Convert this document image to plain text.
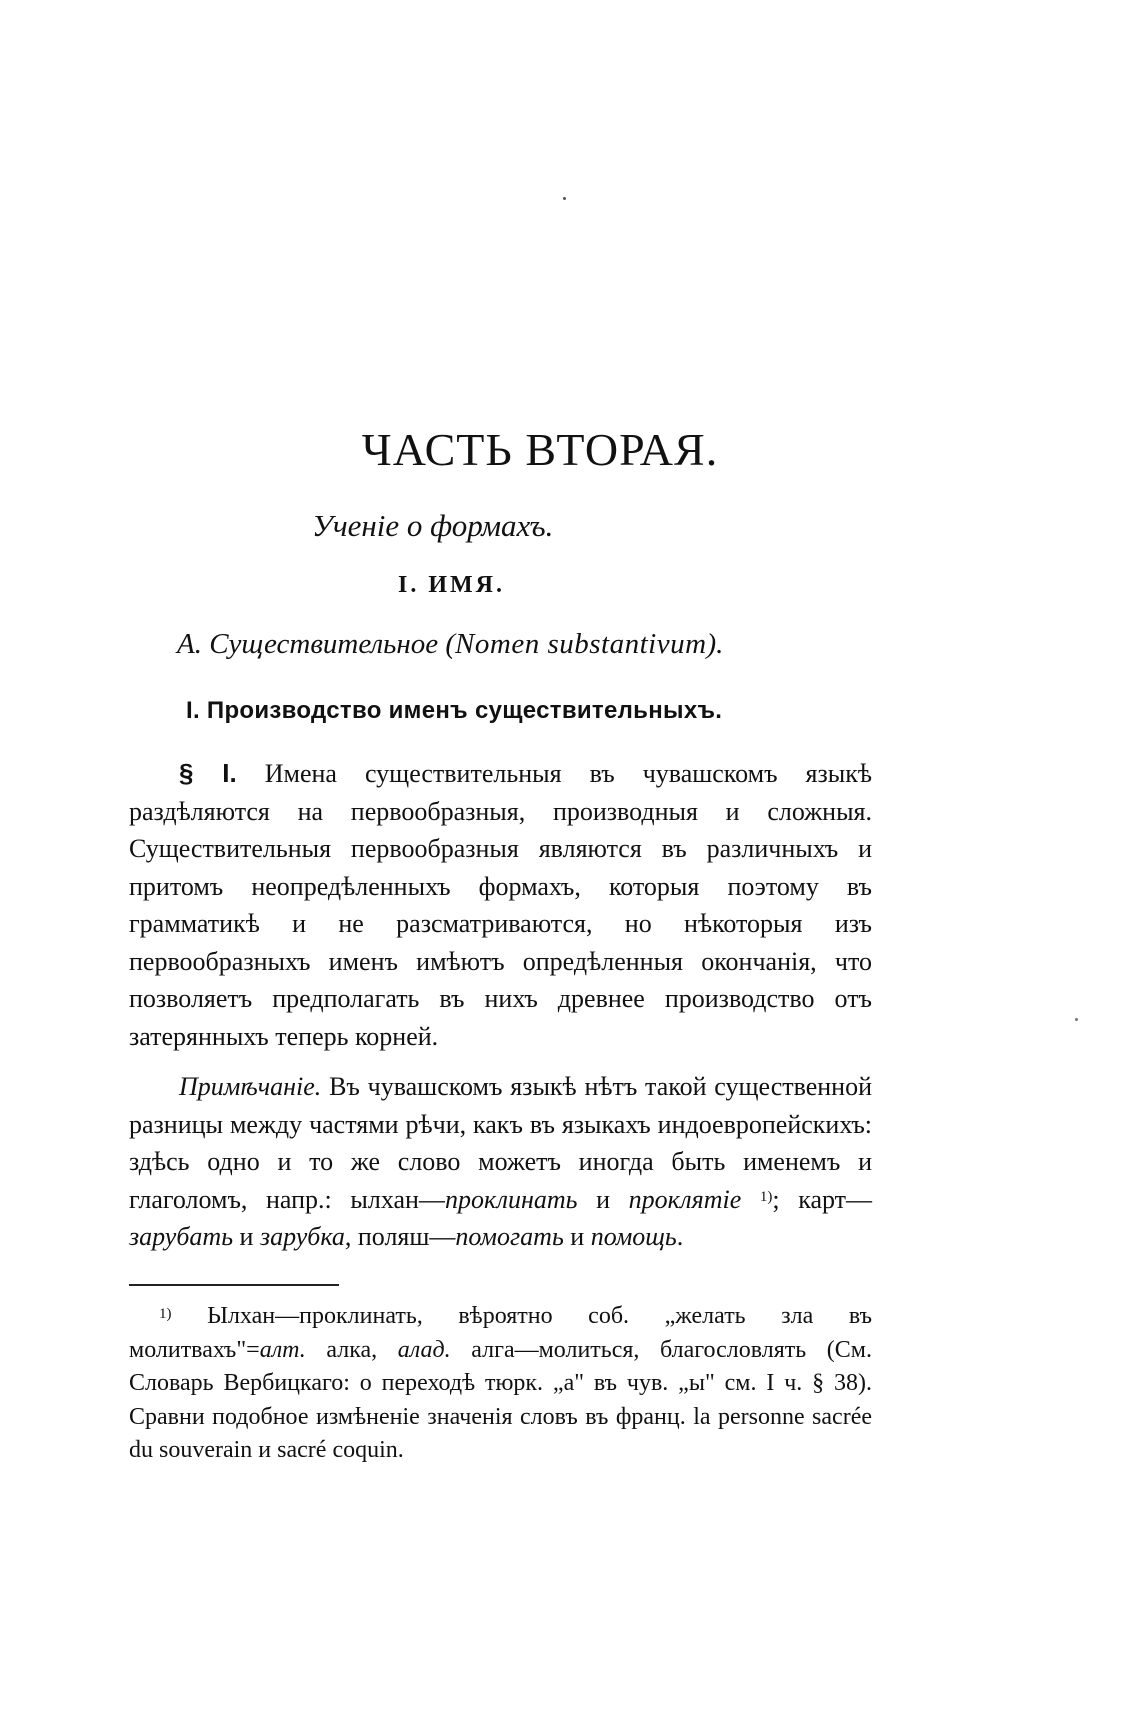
ЧАСТЬ ВТОРАЯ.
Ученіе о формахъ.
I. ИМЯ.
А. Существительное (Nomen substantivum).
I. Производство именъ существительныхъ.
§ I. Имена существительныя въ чувашскомъ языкѣ раздѣляются на первообразныя, производныя и сложныя. Существительныя первообразныя являются въ различныхъ и притомъ неопредѣленныхъ формахъ, которыя поэтому въ грамматикѣ и не разсматриваются, но нѣкоторыя изъ первообразныхъ именъ имѣютъ опредѣленныя окончанія, что позволяетъ предполагать въ нихъ древнее производство отъ затерянныхъ теперь корней.
Примѣчаніе. Въ чувашскомъ языкѣ нѣтъ такой существенной разницы между частями рѣчи, какъ въ языкахъ индоевропейскихъ: здѣсь одно и то же слово можетъ иногда быть именемъ и глаголомъ, напр.: ылхан—проклинать и проклятіе $^{1)}$; карт—зарубать и зарубка, поляш—помогать и помощь.
$^{1)}$ Ылхан—проклинать, вѣроятно соб. „желать зла въ молитвахъ"=алт. алка, алад. алга—молиться, благословлять (См. Словарь Вербицкаго: о переходѣ тюрк. „а" въ чув. „ы" см. I ч. § 38). Сравни подобное измѣненіе значенія словъ въ франц. la personne sacrée du souverain и sacré coquin.
